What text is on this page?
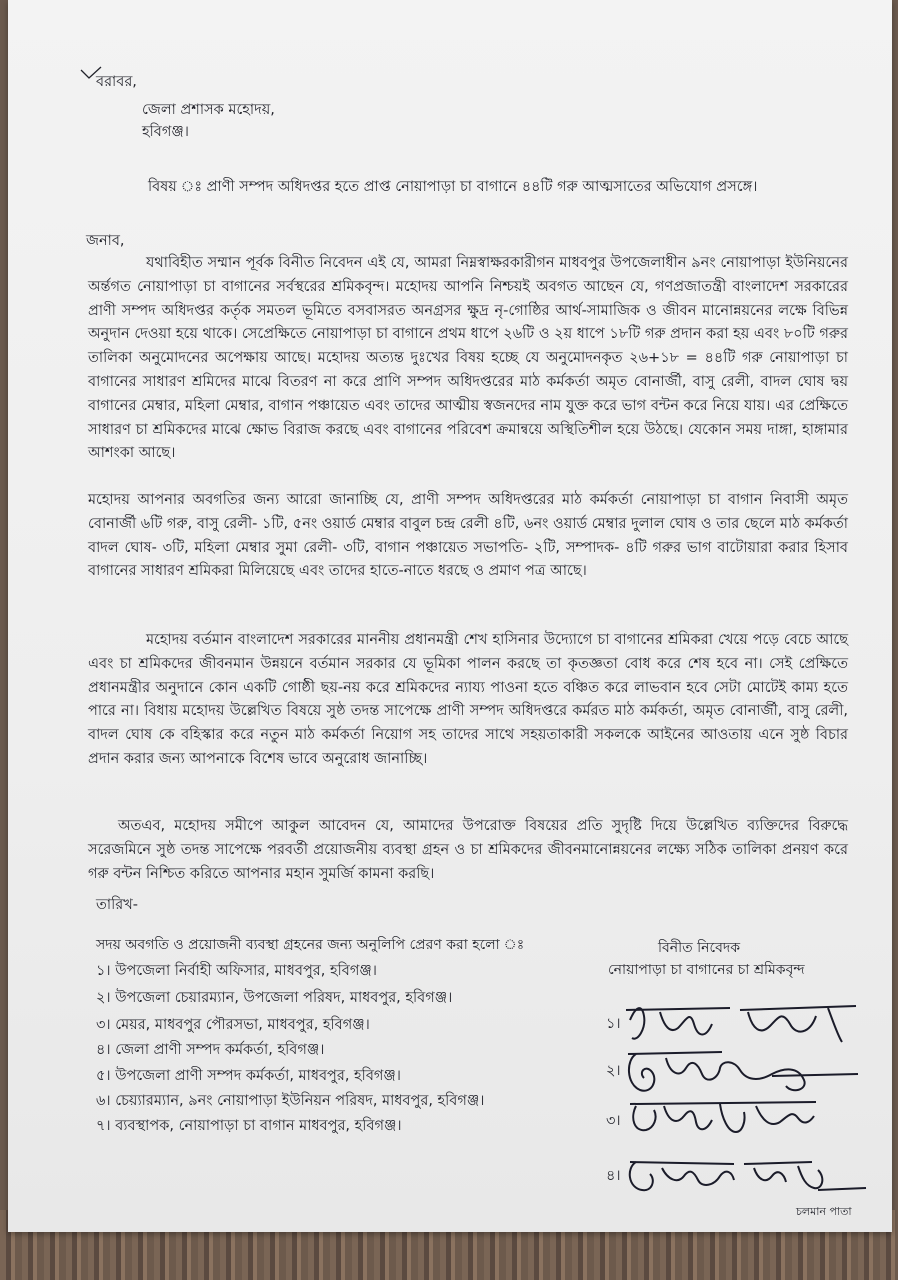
বরাবর,
জেলা প্রশাসক মহোদয়,
হবিগঞ্জ।
বিষয় ঃ প্রাণী সম্পদ অধিদপ্তর হতে প্রাপ্ত নোয়াপাড়া চা বাগানে ৪৪টি গরু আত্মসাতের অভিযোগ প্রসঙ্গে।
জনাব,
যথাবিহীত সম্মান পূর্বক বিনীত নিবেদন এই যে, আমরা নিম্নস্বাক্ষরকারীগন মাধবপুর উপজেলাধীন ৯নং নোয়াপাড়া ইউনিয়নের অর্ন্তগত নোয়াপাড়া চা বাগানের সর্বস্থরের শ্রমিকবৃন্দ। মহোদয় আপনি নিশ্চয়ই অবগত আছেন যে, গণপ্রজাতন্ত্রী বাংলাদেশ সরকারের প্রাণী সম্পদ অধিদপ্তর কর্তৃক সমতল ভূমিতে বসবাসরত অনগ্রসর ক্ষুদ্র নৃ-গোষ্ঠির আর্থ-সামাজিক ও জীবন মানোন্নয়নের লক্ষে বিভিন্ন অনুদান দেওয়া হয়ে থাকে। সেপ্রেক্ষিতে নোয়াপাড়া চা বাগানে প্রথম ধাপে ২৬টি ও ২য় ধাপে ১৮টি গরু প্রদান করা হয় এবং ৮০টি গরুর তালিকা অনুমোদনের অপেক্ষায় আছে। মহোদয় অত্যন্ত দুঃখের বিষয় হচ্ছে যে অনুমোদনকৃত ২৬+১৮ = ৪৪টি গরু নোয়াপাড়া চা বাগানের সাধারণ শ্রমিদের মাঝে বিতরণ না করে প্রাণি সম্পদ অধিদপ্তরের মাঠ কর্মকর্তা অমৃত বোনার্জী, বাসু রেলী, বাদল ঘোষ দ্বয় বাগানের মেম্বার, মহিলা মেম্বার, বাগান পঞ্চায়েত এবং তাদের আত্মীয় স্বজনদের নাম যুক্ত করে ভাগ বন্টন করে নিয়ে যায়। এর প্রেক্ষিতে সাধারণ চা শ্রমিকদের মাঝে ক্ষোভ বিরাজ করছে এবং বাগানের পরিবেশ ক্রমান্বয়ে অস্থিতিশীল হয়ে উঠছে। যেকোন সময় দাঙ্গা, হাঙ্গামার আশংকা আছে।
মহোদয় আপনার অবগতির জন্য আরো জানাচ্ছি যে, প্রাণী সম্পদ অধিদপ্তরের মাঠ কর্মকর্তা নোয়াপাড়া চা বাগান নিবাসী অমৃত বোনার্জী ৬টি গরু, বাসু রেলী- ১টি, ৫নং ওয়ার্ড মেম্বার বাবুল চন্দ্র রেলী ৪টি, ৬নং ওয়ার্ড মেম্বার দুলাল ঘোষ ও তার ছেলে মাঠ কর্মকর্তা বাদল ঘোষ- ৩টি, মহিলা মেম্বার সুমা রেলী- ৩টি, বাগান পঞ্চায়েত সভাপতি- ২টি, সম্পাদক- ৪টি গরুর ভাগ বাটোয়ারা করার হিসাব বাগানের সাধারণ শ্রমিকরা মিলিয়েছে এবং তাদের হাতে-নাতে ধরছে ও প্রমাণ পত্র আছে।
মহোদয় বর্তমান বাংলাদেশ সরকারের মাননীয় প্রধানমন্ত্রী শেখ হাসিনার উদ্যোগে চা বাগানের শ্রমিকরা খেয়ে পড়ে বেচে আছে এবং চা শ্রমিকদের জীবনমান উন্নয়নে বর্তমান সরকার যে ভূমিকা পালন করছে তা কৃতজ্ঞতা বোধ করে শেষ হবে না। সেই প্রেক্ষিতে প্রধানমন্ত্রীর অনুদানে কোন একটি গোষ্ঠী ছয়-নয় করে শ্রমিকদের ন্যায্য পাওনা হতে বঞ্চিত করে লাভবান হবে সেটা মোটেই কাম্য হতে পারে না। বিধায় মহোদয় উল্লেখিত বিষয়ে সুষ্ঠ তদন্ত সাপেক্ষে প্রাণী সম্পদ অধিদপ্তরে কর্মরত মাঠ কর্মকর্তা, অমৃত বোনার্জী, বাসু রেলী, বাদল ঘোষ কে বহিস্কার করে নতুন মাঠ কর্মকর্তা নিয়োগ সহ তাদের সাথে সহয়তাকারী সকলকে আইনের আওতায় এনে সুষ্ঠ বিচার প্রদান করার জন্য আপনাকে বিশেষ ভাবে অনুরোধ জানাচ্ছি।
অতএব, মহোদয় সমীপে আকুল আবেদন যে, আমাদের উপরোক্ত বিষয়ের প্রতি সুদৃষ্টি দিয়ে উল্লেখিত ব্যক্তিদের বিরুদ্ধে সরেজমিনে সুষ্ঠ তদন্ত সাপেক্ষে পরবর্তী প্রয়োজনীয় ব্যবস্থা গ্রহন ও চা শ্রমিকদের জীবনমানোন্নয়নের লক্ষ্যে সঠিক তালিকা প্রনয়ণ করে গরু বন্টন নিশ্চিত করিতে আপনার মহান সুমর্জি কামনা করছি।
তারিখ-
সদয় অবগতি ও প্রয়োজনী ব্যবস্থা গ্রহনের জন্য অনুলিপি প্রেরণ করা হলো ঃ
১। উপজেলা নির্বাহী অফিসার, মাধবপুর, হবিগঞ্জ।
২। উপজেলা চেয়ারম্যান, উপজেলা পরিষদ, মাধবপুর, হবিগঞ্জ।
৩। মেয়র, মাধবপুর পৌরসভা, মাধবপুর, হবিগঞ্জ।
৪। জেলা প্রাণী সম্পদ কর্মকর্তা, হবিগঞ্জ।
৫। উপজেলা প্রাণী সম্পদ কর্মকর্তা, মাধবপুর, হবিগঞ্জ।
৬। চেয়্যারম্যান, ৯নং নোয়াপাড়া ইউনিয়ন পরিষদ, মাধবপুর, হবিগঞ্জ।
৭। ব্যবস্থাপক, নোয়াপাড়া চা বাগান মাধবপুর, হবিগঞ্জ।
বিনীত নিবেদক
নোয়াপাড়া চা বাগানের চা শ্রমিকবৃন্দ
১।
২।
৩।
৪।
চলমান পাতা
